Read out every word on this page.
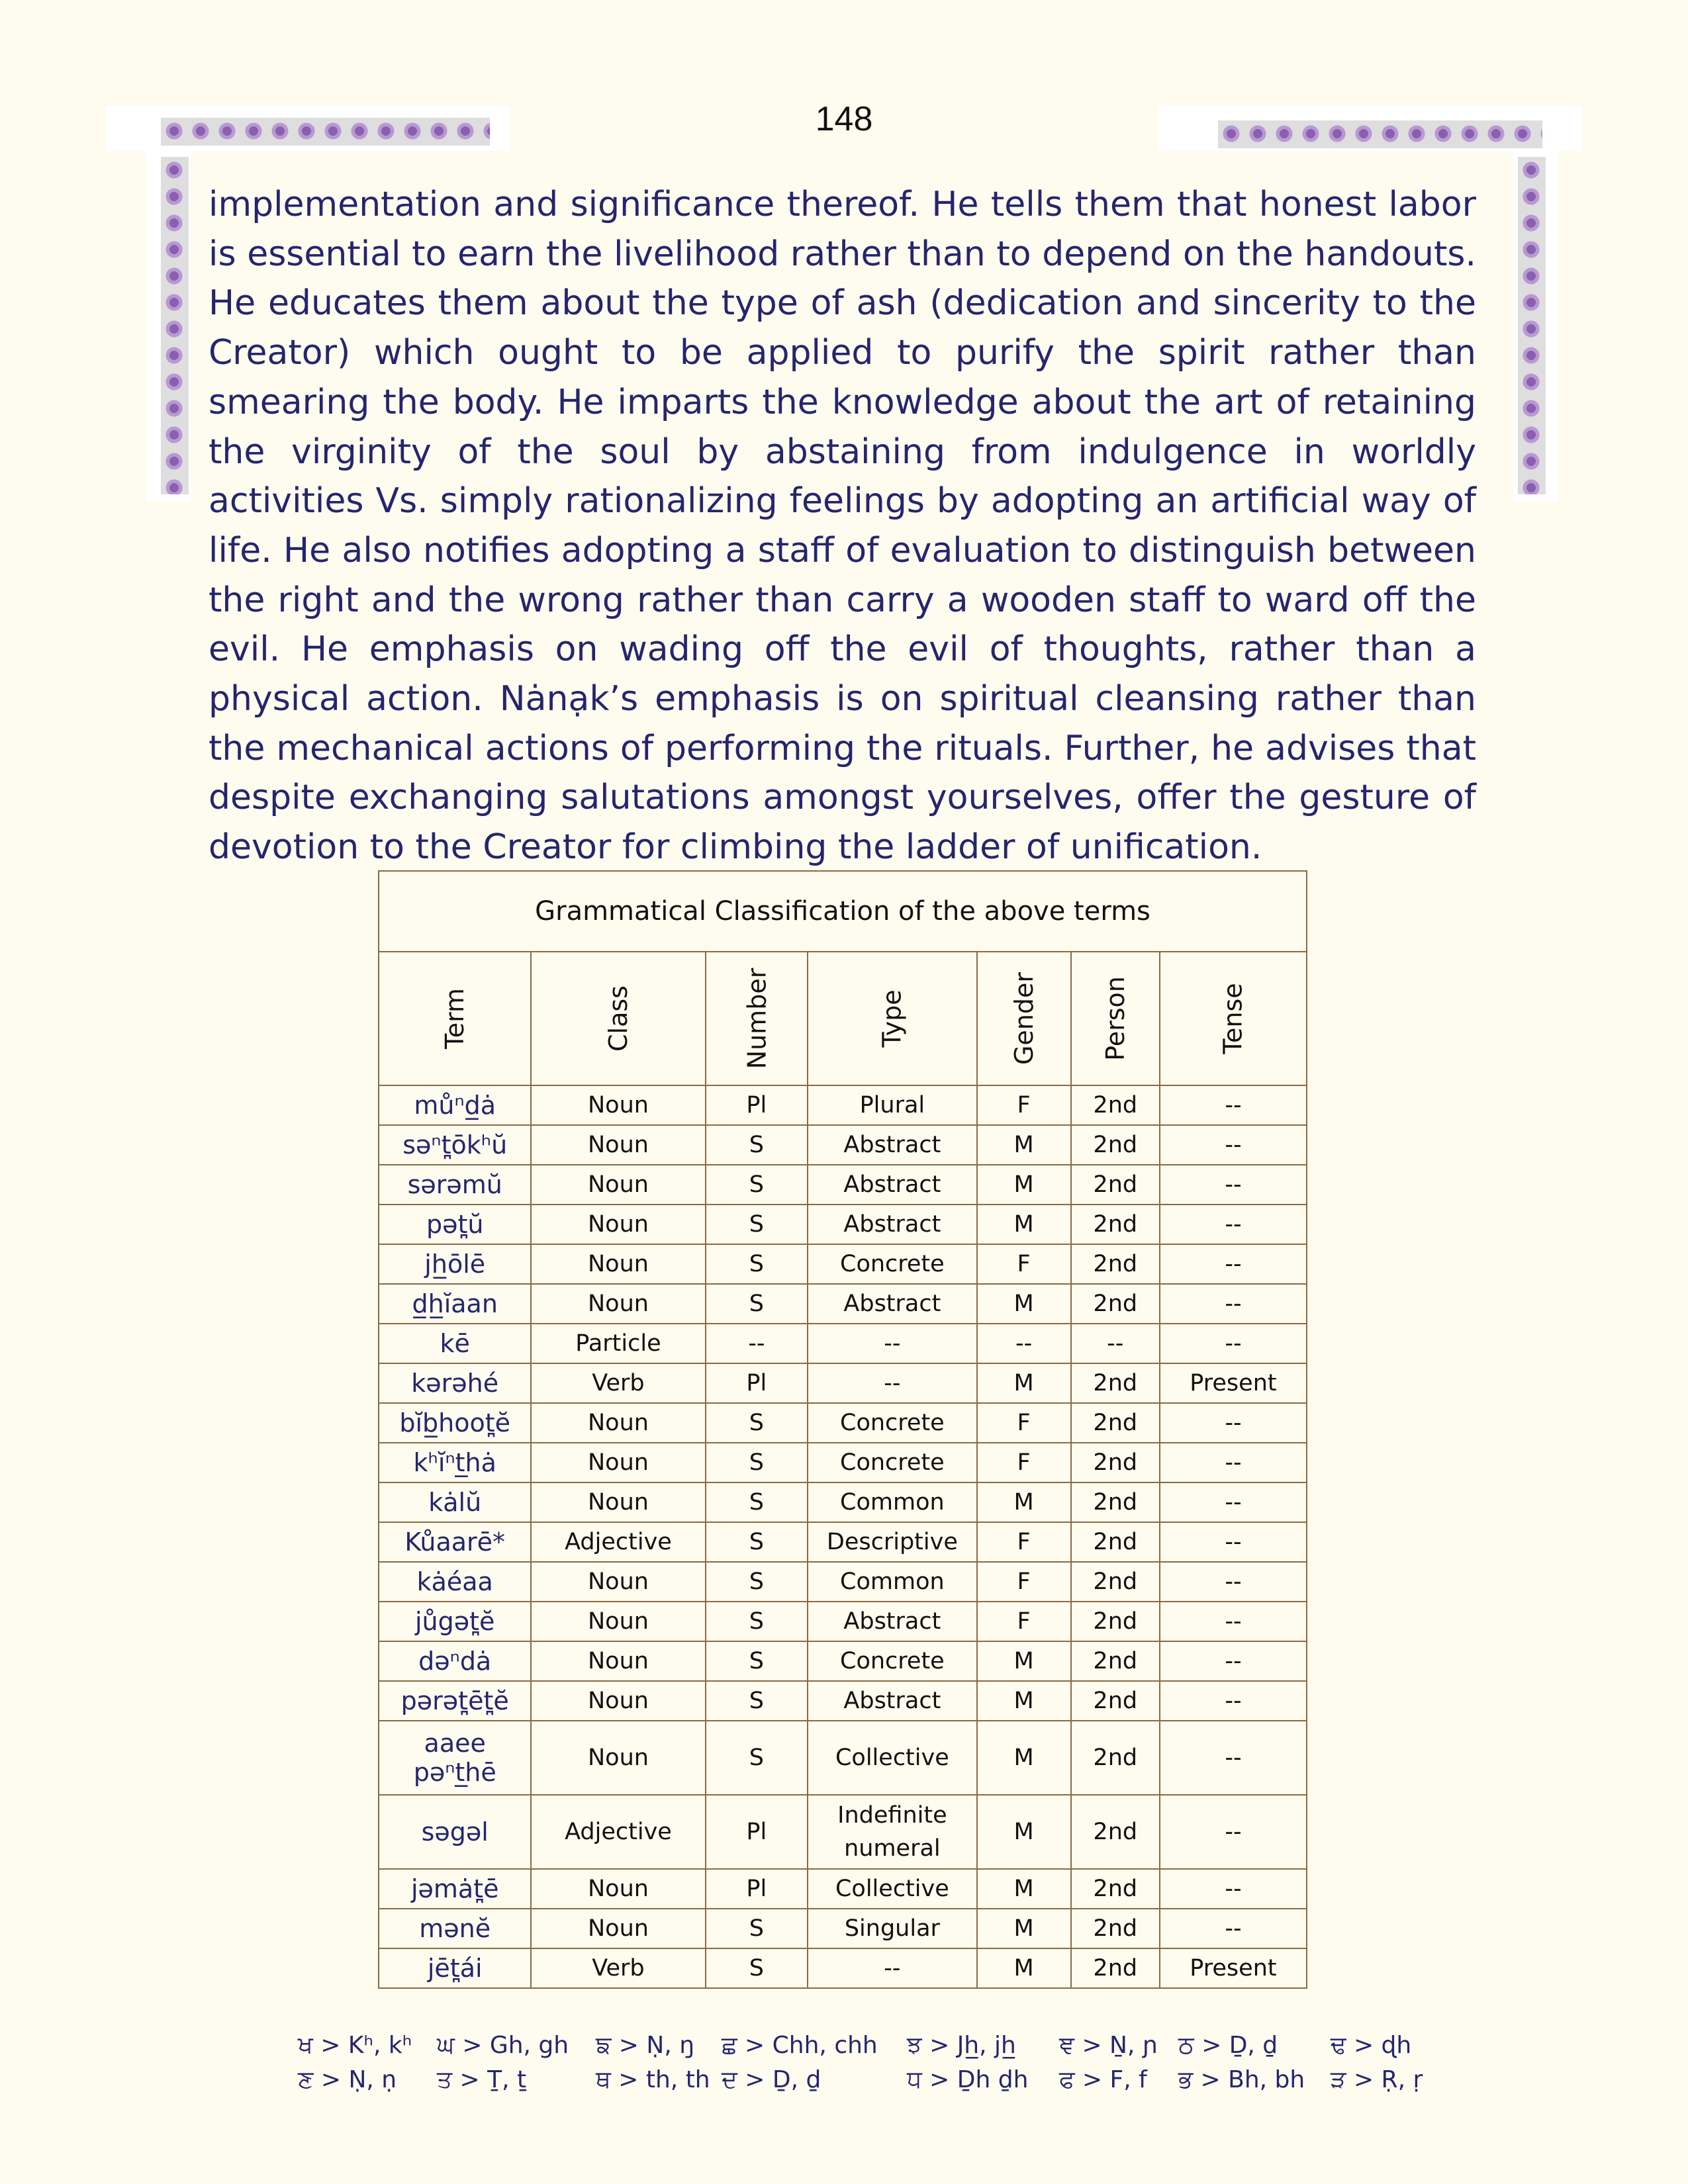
148

implementation and significance thereof. He tells them that honest labor is essential to earn the livelihood rather than to depend on the handouts. He educates them about the type of ash (dedication and sincerity to the Creator) which ought to be applied to purify the spirit rather than smearing the body. He imparts the knowledge about the art of retaining the virginity of the soul by abstaining from indulgence in worldly activities Vs. simply rationalizing feelings by adopting an artificial way of life. He also notifies adopting a staff of evaluation to distinguish between the right and the wrong rather than carry a wooden staff to ward off the evil. He emphasis on wading off the evil of thoughts, rather than a physical action. Nȧnạk’s emphasis is on spiritual cleansing rather than the mechanical actions of performing the rituals. Further, he advises that despite exchanging salutations amongst yourselves, offer the gesture of devotion to the Creator for climbing the ladder of unification.

Grammatical Classification of the above terms						
Term	Class	Number	Type	Gender	Person	Tense
můⁿd̲ȧ	Noun	Pl	Plural	F	2nd	--
səⁿt̪ōkʰŭ	Noun	S	Abstract	M	2nd	--
sərəmŭ	Noun	S	Abstract	M	2nd	--
pət̪ŭ	Noun	S	Abstract	M	2nd	--
jh̲ōlē	Noun	S	Concrete	F	2nd	--
d̲h̲ĭaan	Noun	S	Abstract	M	2nd	--
kē	Particle	--	--	--	--	--
kərəhé	Verb	Pl	--	M	2nd	Present
bĭb̲hoot̪ĕ	Noun	S	Concrete	F	2nd	--
kʰĭⁿt̲hȧ	Noun	S	Concrete	F	2nd	--
kȧlŭ	Noun	S	Common	M	2nd	--
Kůaarē*	Adjective	S	Descriptive	F	2nd	--
kȧéaa	Noun	S	Common	F	2nd	--
jůgət̪ĕ	Noun	S	Abstract	F	2nd	--
dəⁿdȧ	Noun	S	Concrete	M	2nd	--
pərət̪ēt̪ĕ	Noun	S	Abstract	M	2nd	--
aaee pəⁿt̲hē	Noun	S	Collective	M	2nd	--
səgəl	Adjective	Pl	Indefinite numeral	M	2nd	--
jəmȧt̪ē	Noun	Pl	Collective	M	2nd	--
mənĕ	Noun	S	Singular	M	2nd	--
jēt̪ái	Verb	S	--	M	2nd	Present
ਖ > Kʰ, kʰ ਘ > Gh, gh ਙ > Ṇ, ŋ ਛ > Chh, chh ਝ > Jh̲, jh̲ ਞ > Ṉ, ɲ ਠ > Ḏ, ḏ ਢ > ɖh
ਣ > Ṇ, ṇ ਤ > Ṯ, ṯ	ਥ > th, th ਦ > Ḏ, ḏ	ਧ > Ḏh ḏh ਫ > F, f ਭ > Bh, bh ੜ > Ṛ, ṛ
